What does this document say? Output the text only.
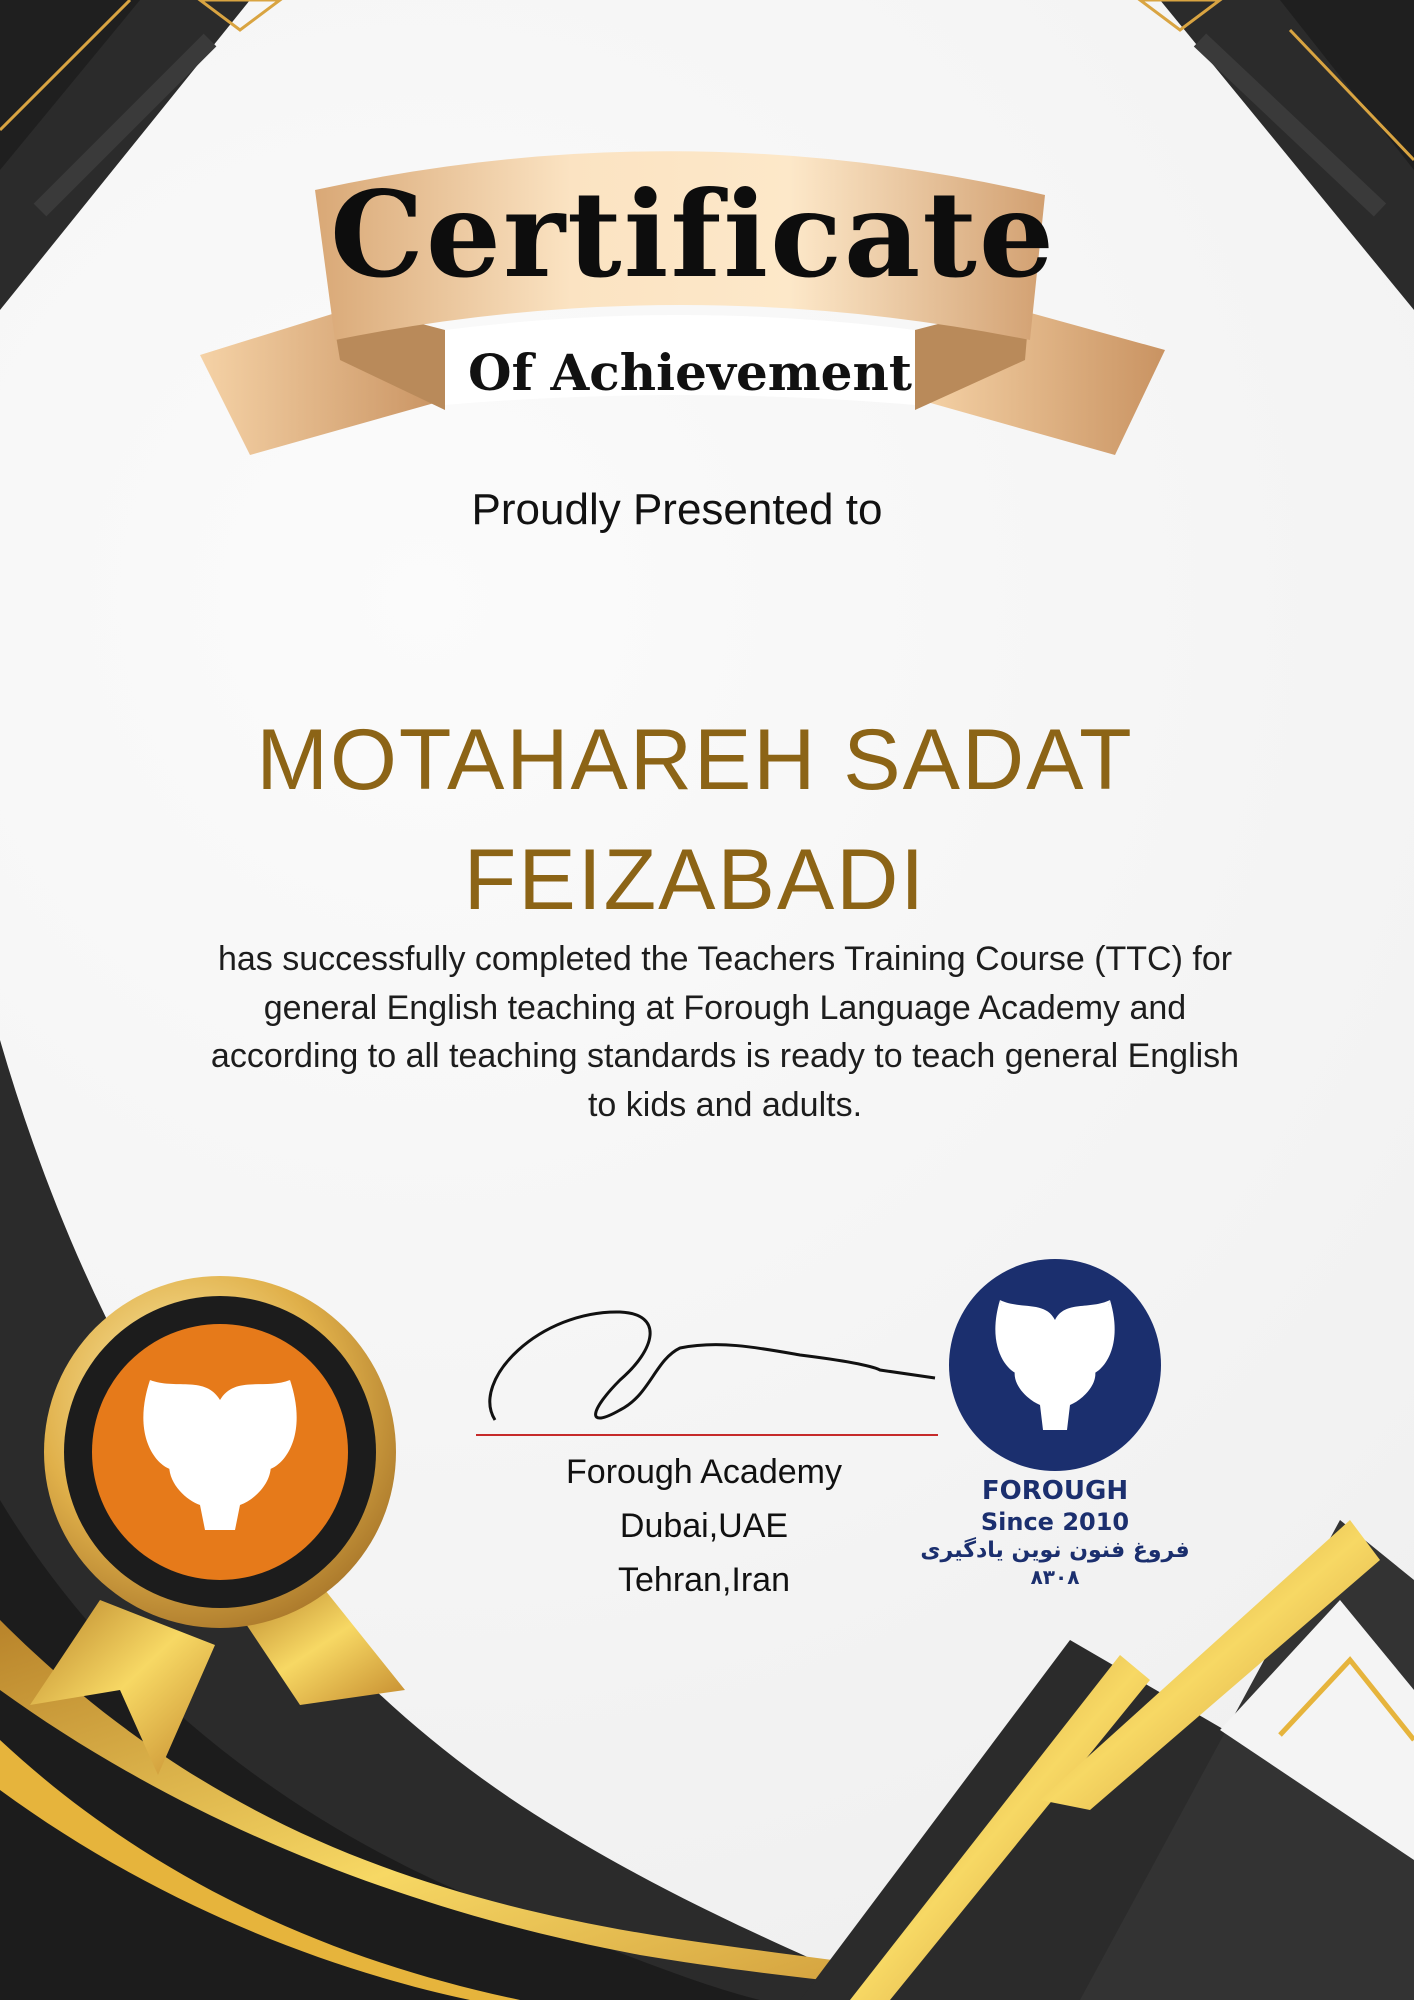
Certificate
Of Achievement
Proudly Presented to
MOTAHAREH SADAT
FEIZABADI
has successfully completed the Teachers Training Course (TTC) for
general English teaching at Forough Language Academy and
according to all teaching standards is ready to teach general English
to kids and adults.
Forough Academy
Dubai,UAE
Tehran,Iran
FOROUGH
Since 2010
فروغ فنون نوین یادگیری
۸۳۰۸
